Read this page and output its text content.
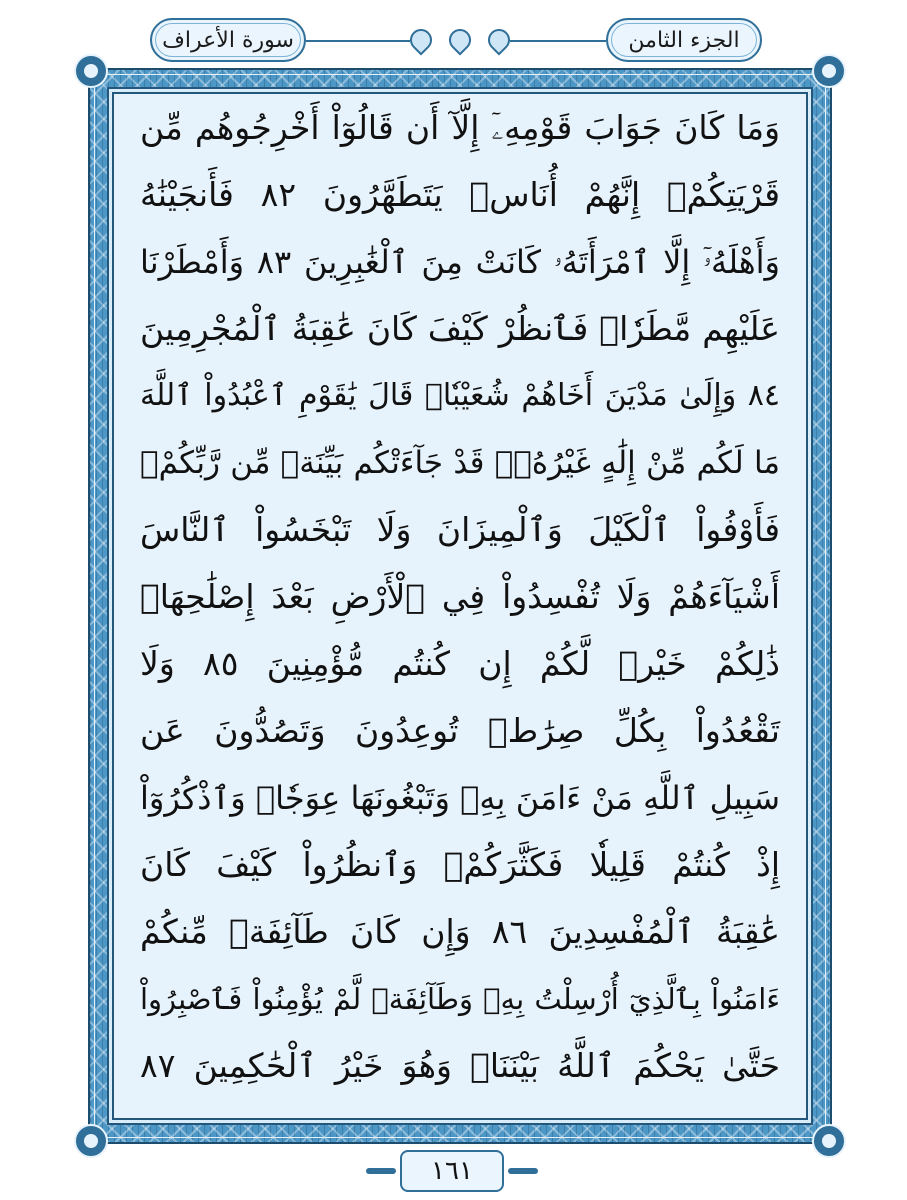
سورة الأعراف	الجزء الثامن
وَمَا كَانَ جَوَابَ قَوْمِهِۦٓ إِلَّآ أَن قَالُوٓاْ أَخْرِجُوهُم مِّن
قَرْيَتِكُمْۖ إِنَّهُمْ أُنَاسٞ يَتَطَهَّرُونَ ٨٢ فَأَنجَيْنَٰهُ
وَأَهْلَهُۥٓ إِلَّا ٱمْرَأَتَهُۥ كَانَتْ مِنَ ٱلْغَٰبِرِينَ ٨٣ وَأَمْطَرْنَا
عَلَيْهِم مَّطَرٗاۖ فَٱنظُرْ كَيْفَ كَانَ عَٰقِبَةُ ٱلْمُجْرِمِينَ
٨٤ وَإِلَىٰ مَدْيَنَ أَخَاهُمْ شُعَيْبٗاۚ قَالَ يَٰقَوْمِ ٱعْبُدُواْ ٱللَّهَ
مَا لَكُم مِّنْ إِلَٰهٍ غَيْرُهُۥۖ قَدْ جَآءَتْكُم بَيِّنَةٞ مِّن رَّبِّكُمْۖ
فَأَوْفُواْ ٱلْكَيْلَ وَٱلْمِيزَانَ وَلَا تَبْخَسُواْ ٱلنَّاسَ
أَشْيَآءَهُمْ وَلَا تُفْسِدُواْ فِي ٱلْأَرْضِ بَعْدَ إِصْلَٰحِهَاۚ
ذَٰلِكُمْ خَيْرٞ لَّكُمْ إِن كُنتُم مُّؤْمِنِينَ ٨٥ وَلَا
تَقْعُدُواْ بِكُلِّ صِرَٰطٖ تُوعِدُونَ وَتَصُدُّونَ عَن
سَبِيلِ ٱللَّهِ مَنْ ءَامَنَ بِهِۦ وَتَبْغُونَهَا عِوَجٗاۚ وَٱذْكُرُوٓاْ
إِذْ كُنتُمْ قَلِيلٗا فَكَثَّرَكُمْۖ وَٱنظُرُواْ كَيْفَ كَانَ
عَٰقِبَةُ ٱلْمُفْسِدِينَ ٨٦ وَإِن كَانَ طَآئِفَةٞ مِّنكُمْ
ءَامَنُواْ بِٱلَّذِيٓ أُرْسِلْتُ بِهِۦ وَطَآئِفَةٞ لَّمْ يُؤْمِنُواْ فَٱصْبِرُواْ
حَتَّىٰ يَحْكُمَ ٱللَّهُ بَيْنَنَاۚ وَهُوَ خَيْرُ ٱلْحَٰكِمِينَ ٨٧
١٦١
